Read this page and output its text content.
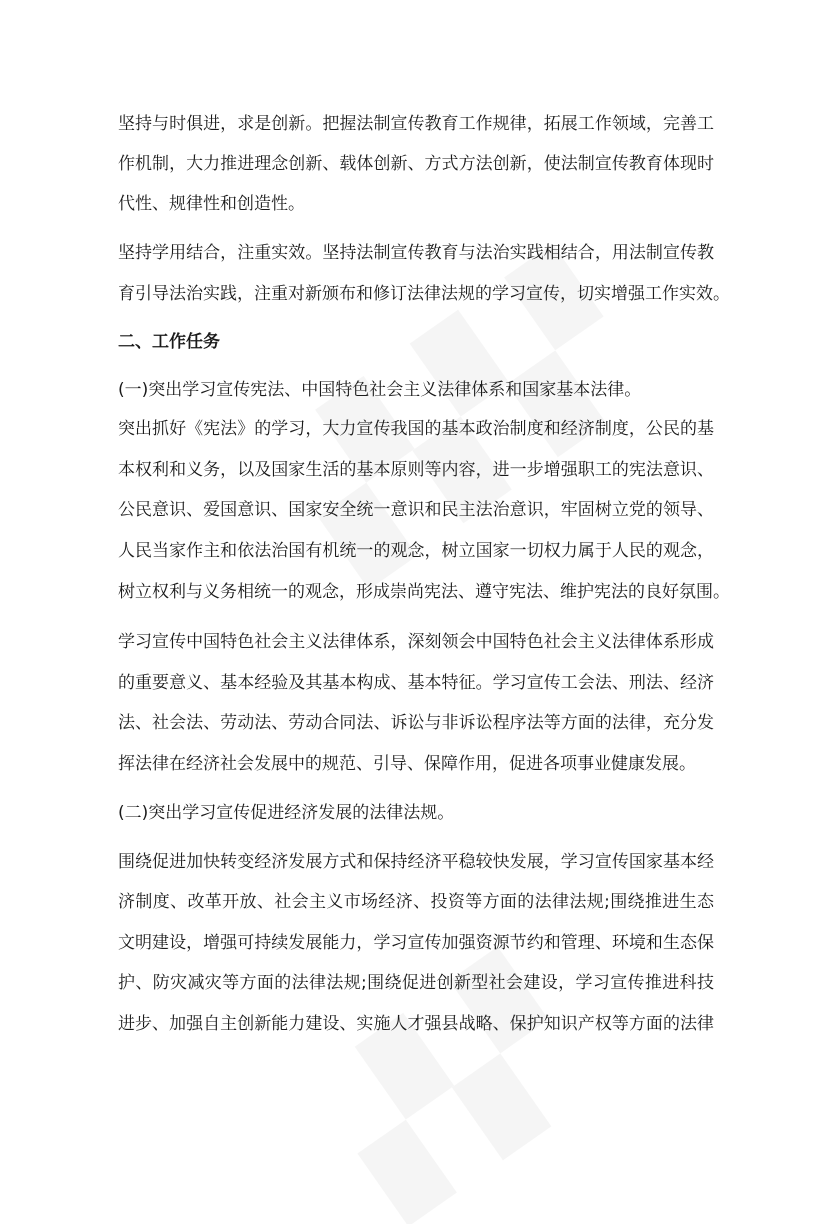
坚持与时俱进，求是创新。把握法制宣传教育工作规律，拓展工作领域，完善工
作机制，大力推进理念创新、载体创新、方式方法创新，使法制宣传教育体现时
代性、规律性和创造性。
坚持学用结合，注重实效。坚持法制宣传教育与法治实践相结合，用法制宣传教
育引导法治实践，注重对新颁布和修订法律法规的学习宣传，切实增强工作实效。
二、工作任务
(一)突出学习宣传宪法、中国特色社会主义法律体系和国家基本法律。
突出抓好《宪法》的学习，大力宣传我国的基本政治制度和经济制度，公民的基
本权利和义务，以及国家生活的基本原则等内容，进一步增强职工的宪法意识、
公民意识、爱国意识、国家安全统一意识和民主法治意识，牢固树立党的领导、
人民当家作主和依法治国有机统一的观念，树立国家一切权力属于人民的观念，
树立权利与义务相统一的观念，形成崇尚宪法、遵守宪法、维护宪法的良好氛围。
学习宣传中国特色社会主义法律体系，深刻领会中国特色社会主义法律体系形成
的重要意义、基本经验及其基本构成、基本特征。学习宣传工会法、刑法、经济
法、社会法、劳动法、劳动合同法、诉讼与非诉讼程序法等方面的法律，充分发
挥法律在经济社会发展中的规范、引导、保障作用，促进各项事业健康发展。
(二)突出学习宣传促进经济发展的法律法规。
围绕促进加快转变经济发展方式和保持经济平稳较快发展，学习宣传国家基本经
济制度、改革开放、社会主义市场经济、投资等方面的法律法规;围绕推进生态
文明建设，增强可持续发展能力，学习宣传加强资源节约和管理、环境和生态保
护、防灾减灾等方面的法律法规;围绕促进创新型社会建设，学习宣传推进科技
进步、加强自主创新能力建设、实施人才强县战略、保护知识产权等方面的法律
